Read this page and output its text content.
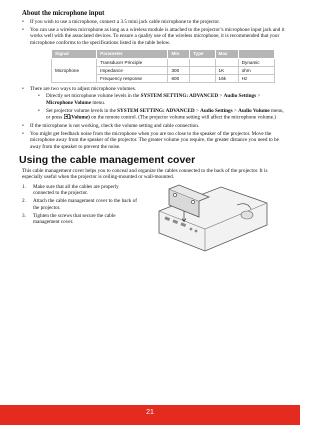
About the microphone input
• If you wish to use a microphone, connect a 3.5 mini jack cable microphone to the projector.
• You can use a wireless microphone as long as a wireless module is attached to the projector’s microphone input jack and it works well with the associated devices. To ensure a quality use of the wireless microphone, it is recommended that your microphone conforms to the specifications listed in the table below.
Signal	Parameter	Min	Type	Max	
Microphone	Transducer Principle				Dynamic
	Impedance	300		1K	ohm
	Frequency response	600		16k	Hz
• There are two ways to adjust microphone volumes.
• Directly set microphone volume levels in the SYSTEM SETTING: ADVANCED > Audio Settings > Microphone Volume menu.
• Set projector volume levels in the SYSTEM SETTING: ADVANCED > Audio Settings > Audio Volume menu, or press (Volume) on the remote control. (The projector volume setting will affect the microphone volume.)
• If the microphone is not working, check the volume setting and cable connection.
• You might get feedback noise from the microphone when you are too close to the speaker of the projector. Move the microphone away from the speaker of the projector. The greater volume you require, the greater distance you need to be away from the speaker to prevent the noise.
Using the cable management cover
This cable management cover helps you to conceal and organize the cables connected to the back of the projector. It is especially useful when the projector is ceiling-mounted or wall-mounted.
1. Make sure that all the cables are properly connected to the projector.
2. Attach the cable management cover to the back of the projector.
3. Tighten the screws that secure the cable management cover.
21
